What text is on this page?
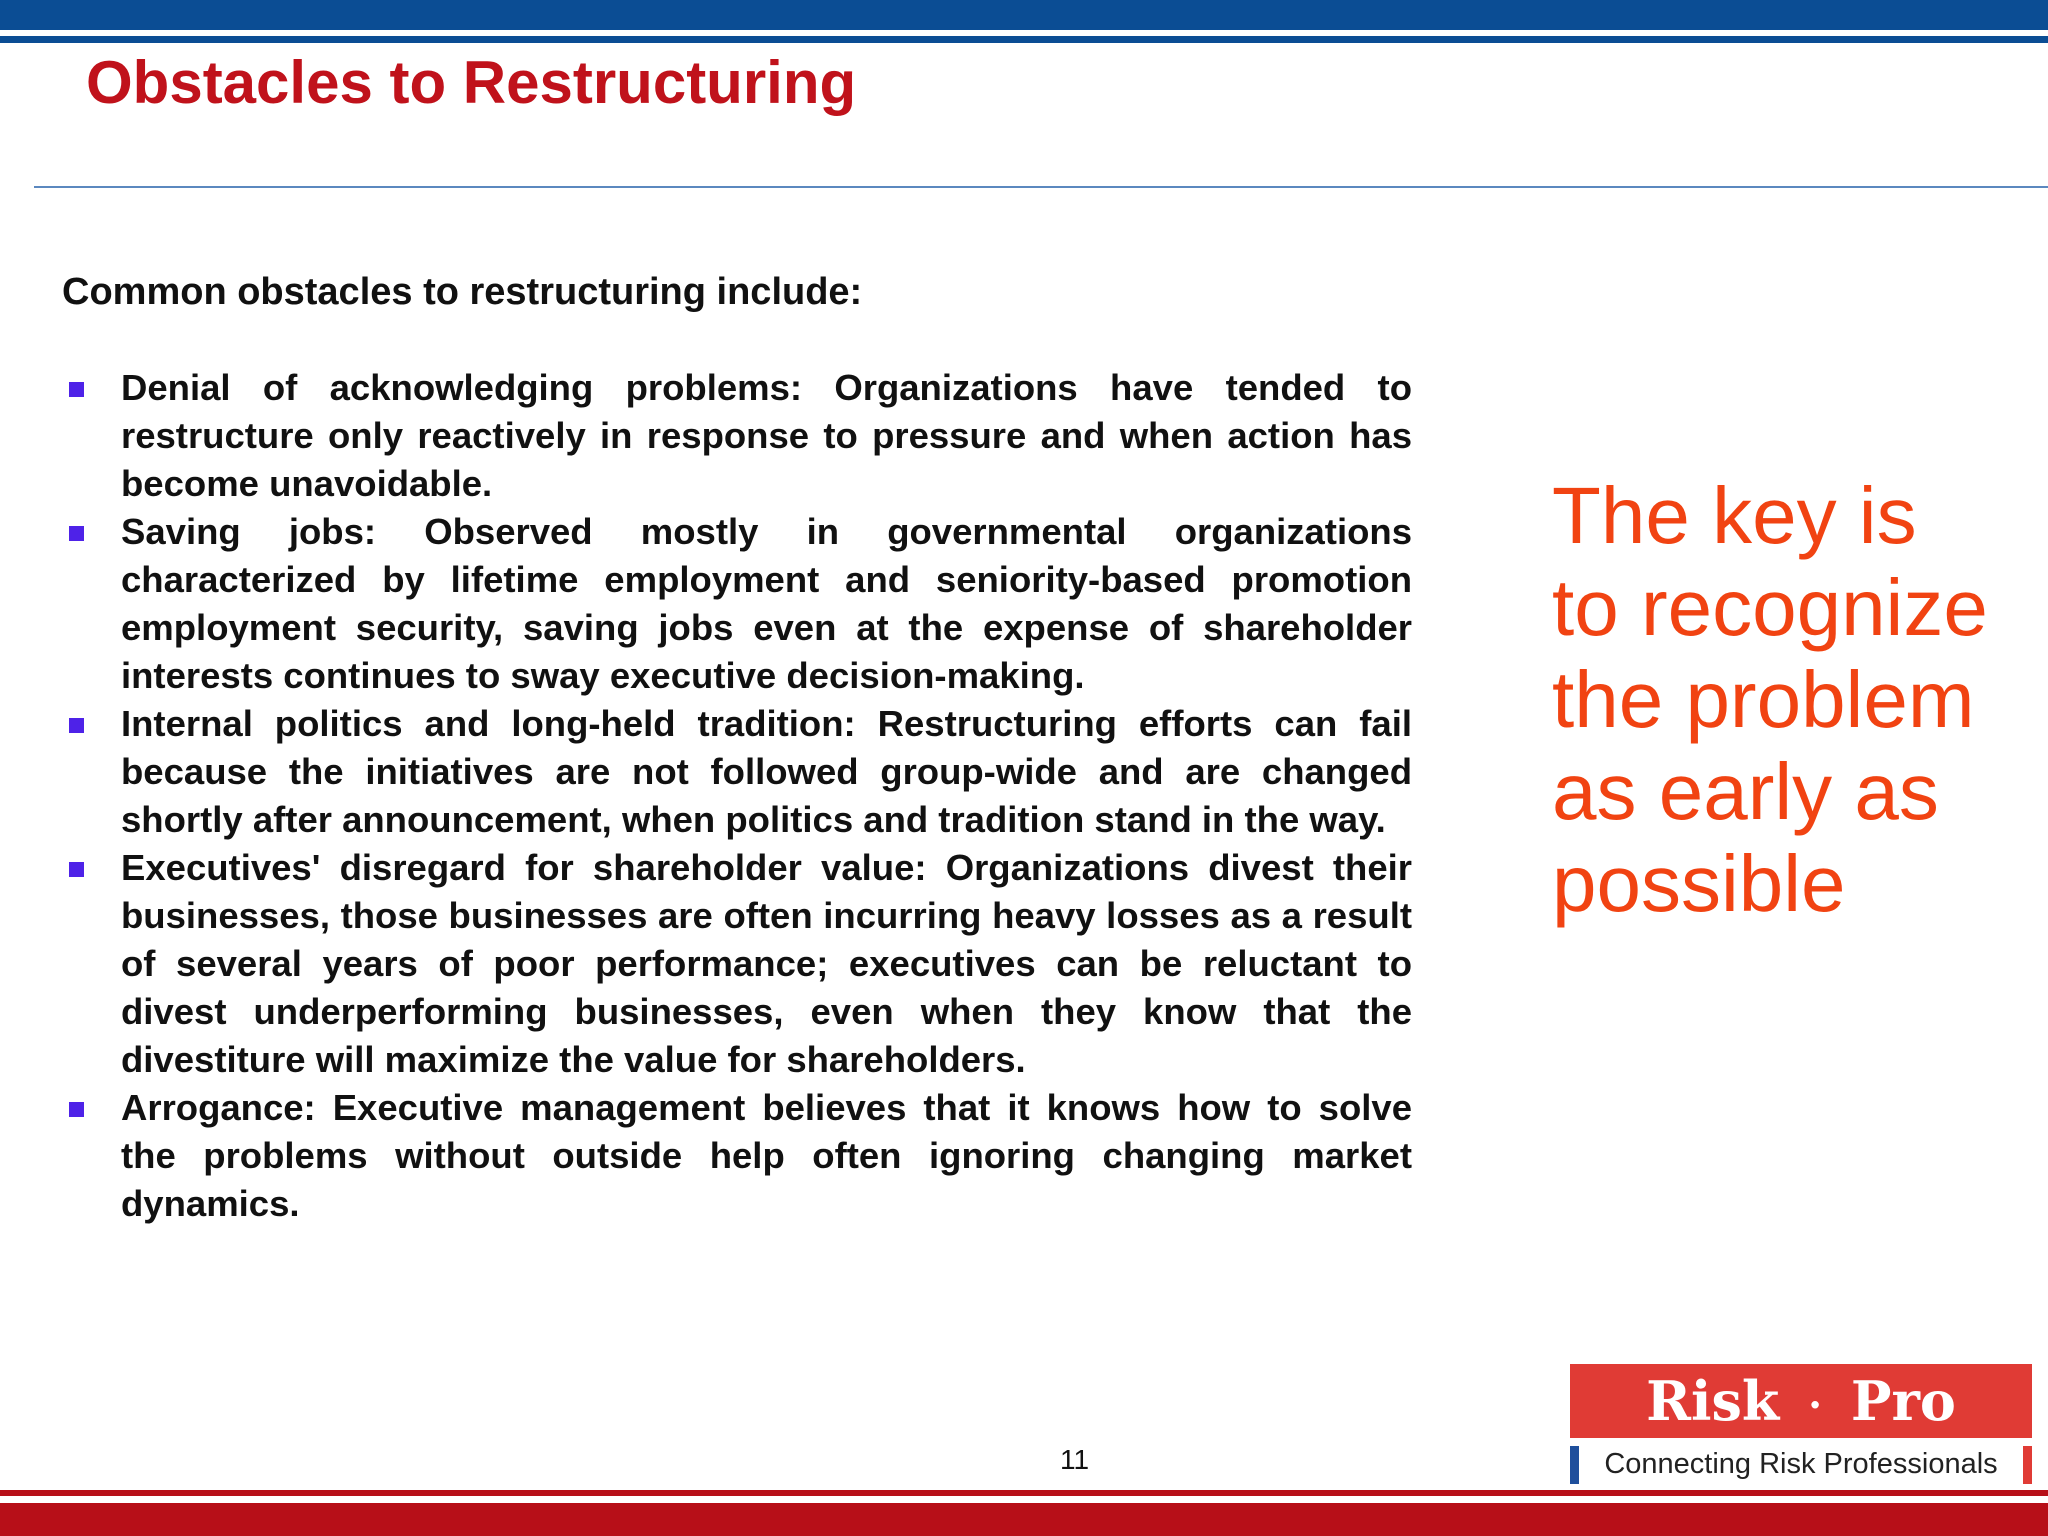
Obstacles to Restructuring

Common obstacles to restructuring include:

Denial of acknowledging problems: Organizations have tended to restructure only reactively in response to pressure and when action has become unavoidable.
Saving jobs: Observed mostly in governmental organizations characterized by lifetime employment and seniority-based promotion employment security, saving jobs even at the expense of shareholder interests continues to sway executive decision-making.
Internal politics and long-held tradition: Restructuring efforts can fail because the initiatives are not followed group-wide and are changed shortly after announcement, when politics and tradition stand in the way.
Executives' disregard for shareholder value: Organizations divest their businesses, those businesses are often incurring heavy losses as a result of several years of poor performance; executives can be reluctant to divest underperforming businesses, even when they know that the divestiture will maximize the value for shareholders.
Arrogance: Executive management believes that it knows how to solve the problems without outside help often ignoring changing market dynamics.
The key is to recognize the problem as early as possible
11
Risk · Pro
Connecting Risk Professionals
